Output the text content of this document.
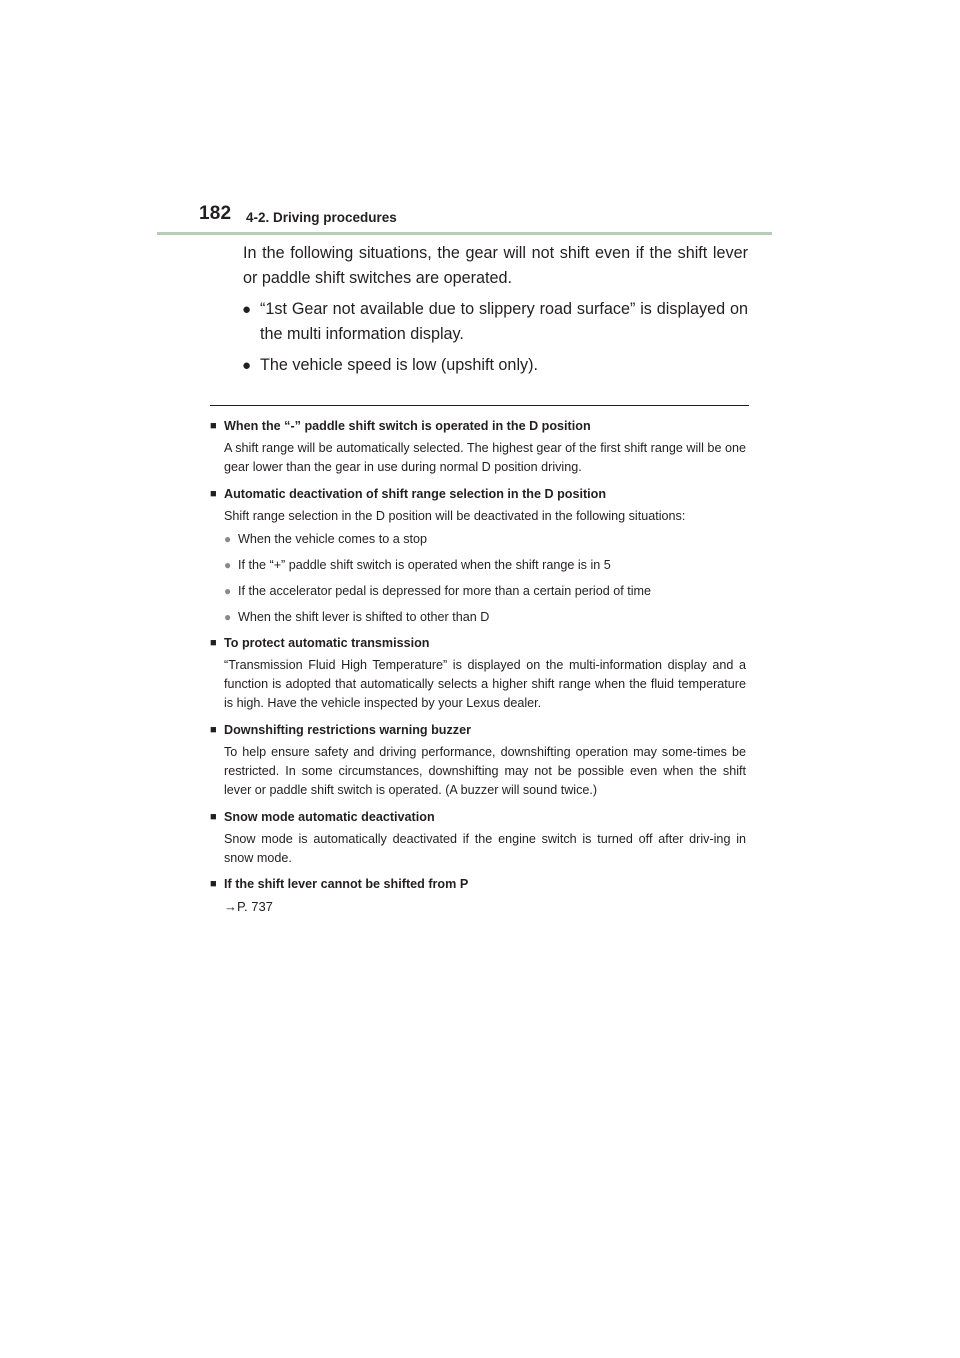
182 4-2. Driving procedures

In the following situations, the gear will not shift even if the shift lever or paddle shift switches are operated.

● “1st Gear not available due to slippery road surface” is displayed on the multi information display.
● The vehicle speed is low (upshift only).
■ When the “-” paddle shift switch is operated in the D position
A shift range will be automatically selected. The highest gear of the first shift range will be one gear lower than the gear in use during normal D position driving.
■ Automatic deactivation of shift range selection in the D position
Shift range selection in the D position will be deactivated in the following situations:
● When the vehicle comes to a stop
● If the “+” paddle shift switch is operated when the shift range is in 5
● If the accelerator pedal is depressed for more than a certain period of time
● When the shift lever is shifted to other than D
■ To protect automatic transmission
“Transmission Fluid High Temperature” is displayed on the multi-information display and a function is adopted that automatically selects a higher shift range when the fluid temperature is high. Have the vehicle inspected by your Lexus dealer.
■ Downshifting restrictions warning buzzer
To help ensure safety and driving performance, downshifting operation may some-times be restricted. In some circumstances, downshifting may not be possible even when the shift lever or paddle shift switch is operated. (A buzzer will sound twice.)
■ Snow mode automatic deactivation
Snow mode is automatically deactivated if the engine switch is turned off after driv-ing in snow mode.
■ If the shift lever cannot be shifted from P
→P. 737
